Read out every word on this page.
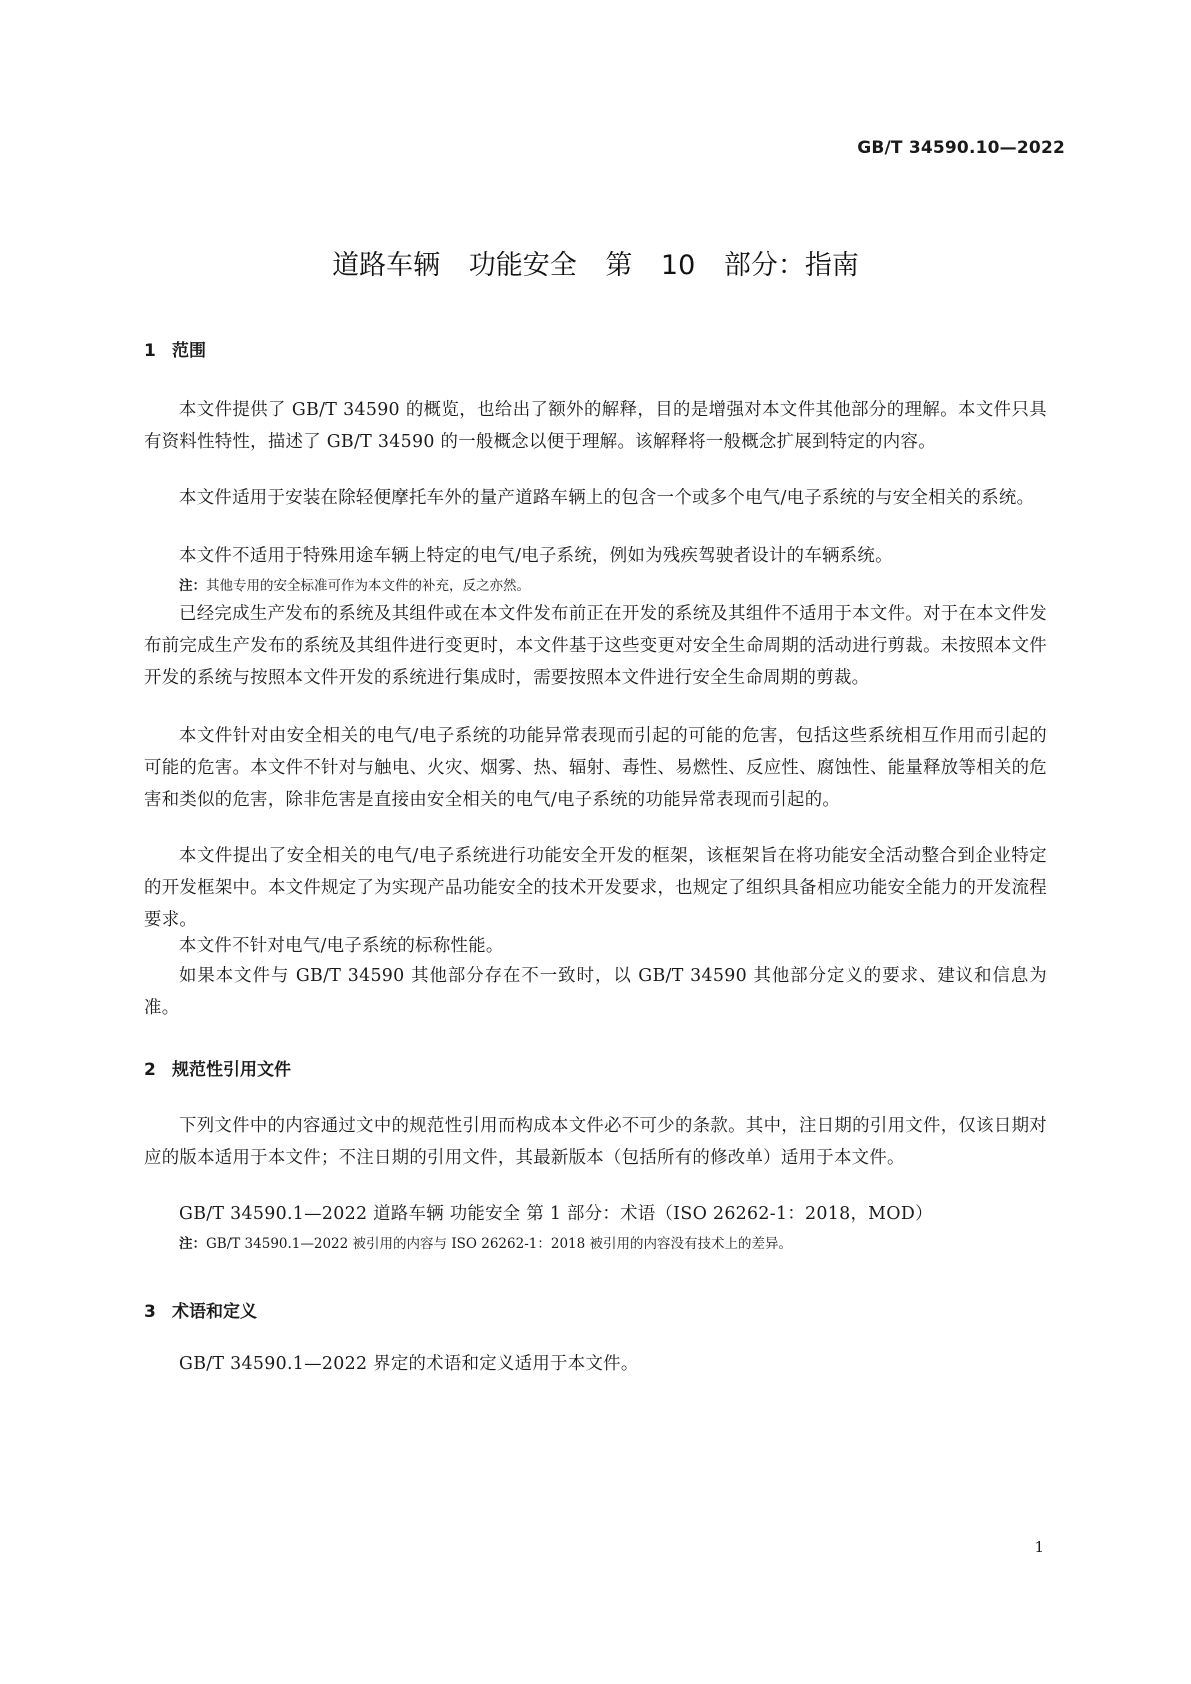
GB/T 34590.10—2022
道路车辆 功能安全 第 10 部分：指南
1 范围
本文件提供了 GB/T 34590 的概览，也给出了额外的解释，目的是增强对本文件其他部分的理解。本文件只具有资料性特性，描述了 GB/T 34590 的一般概念以便于理解。该解释将一般概念扩展到特定的内容。
本文件适用于安装在除轻便摩托车外的量产道路车辆上的包含一个或多个电气/电子系统的与安全相关的系统。
本文件不适用于特殊用途车辆上特定的电气/电子系统，例如为残疾驾驶者设计的车辆系统。
注：其他专用的安全标准可作为本文件的补充，反之亦然。
已经完成生产发布的系统及其组件或在本文件发布前正在开发的系统及其组件不适用于本文件。对于在本文件发布前完成生产发布的系统及其组件进行变更时，本文件基于这些变更对安全生命周期的活动进行剪裁。未按照本文件开发的系统与按照本文件开发的系统进行集成时，需要按照本文件进行安全生命周期的剪裁。
本文件针对由安全相关的电气/电子系统的功能异常表现而引起的可能的危害，包括这些系统相互作用而引起的可能的危害。本文件不针对与触电、火灾、烟雾、热、辐射、毒性、易燃性、反应性、腐蚀性、能量释放等相关的危害和类似的危害，除非危害是直接由安全相关的电气/电子系统的功能异常表现而引起的。
本文件提出了安全相关的电气/电子系统进行功能安全开发的框架，该框架旨在将功能安全活动整合到企业特定的开发框架中。本文件规定了为实现产品功能安全的技术开发要求，也规定了组织具备相应功能安全能力的开发流程要求。
本文件不针对电气/电子系统的标称性能。
如果本文件与 GB/T 34590 其他部分存在不一致时，以 GB/T 34590 其他部分定义的要求、建议和信息为准。
2 规范性引用文件
下列文件中的内容通过文中的规范性引用而构成本文件必不可少的条款。其中，注日期的引用文件，仅该日期对应的版本适用于本文件；不注日期的引用文件，其最新版本（包括所有的修改单）适用于本文件。
GB/T 34590.1—2022 道路车辆 功能安全 第 1 部分：术语（ISO 26262-1：2018，MOD）
注：GB/T 34590.1—2022 被引用的内容与 ISO 26262-1：2018 被引用的内容没有技术上的差异。
3 术语和定义
GB/T 34590.1—2022 界定的术语和定义适用于本文件。
1
